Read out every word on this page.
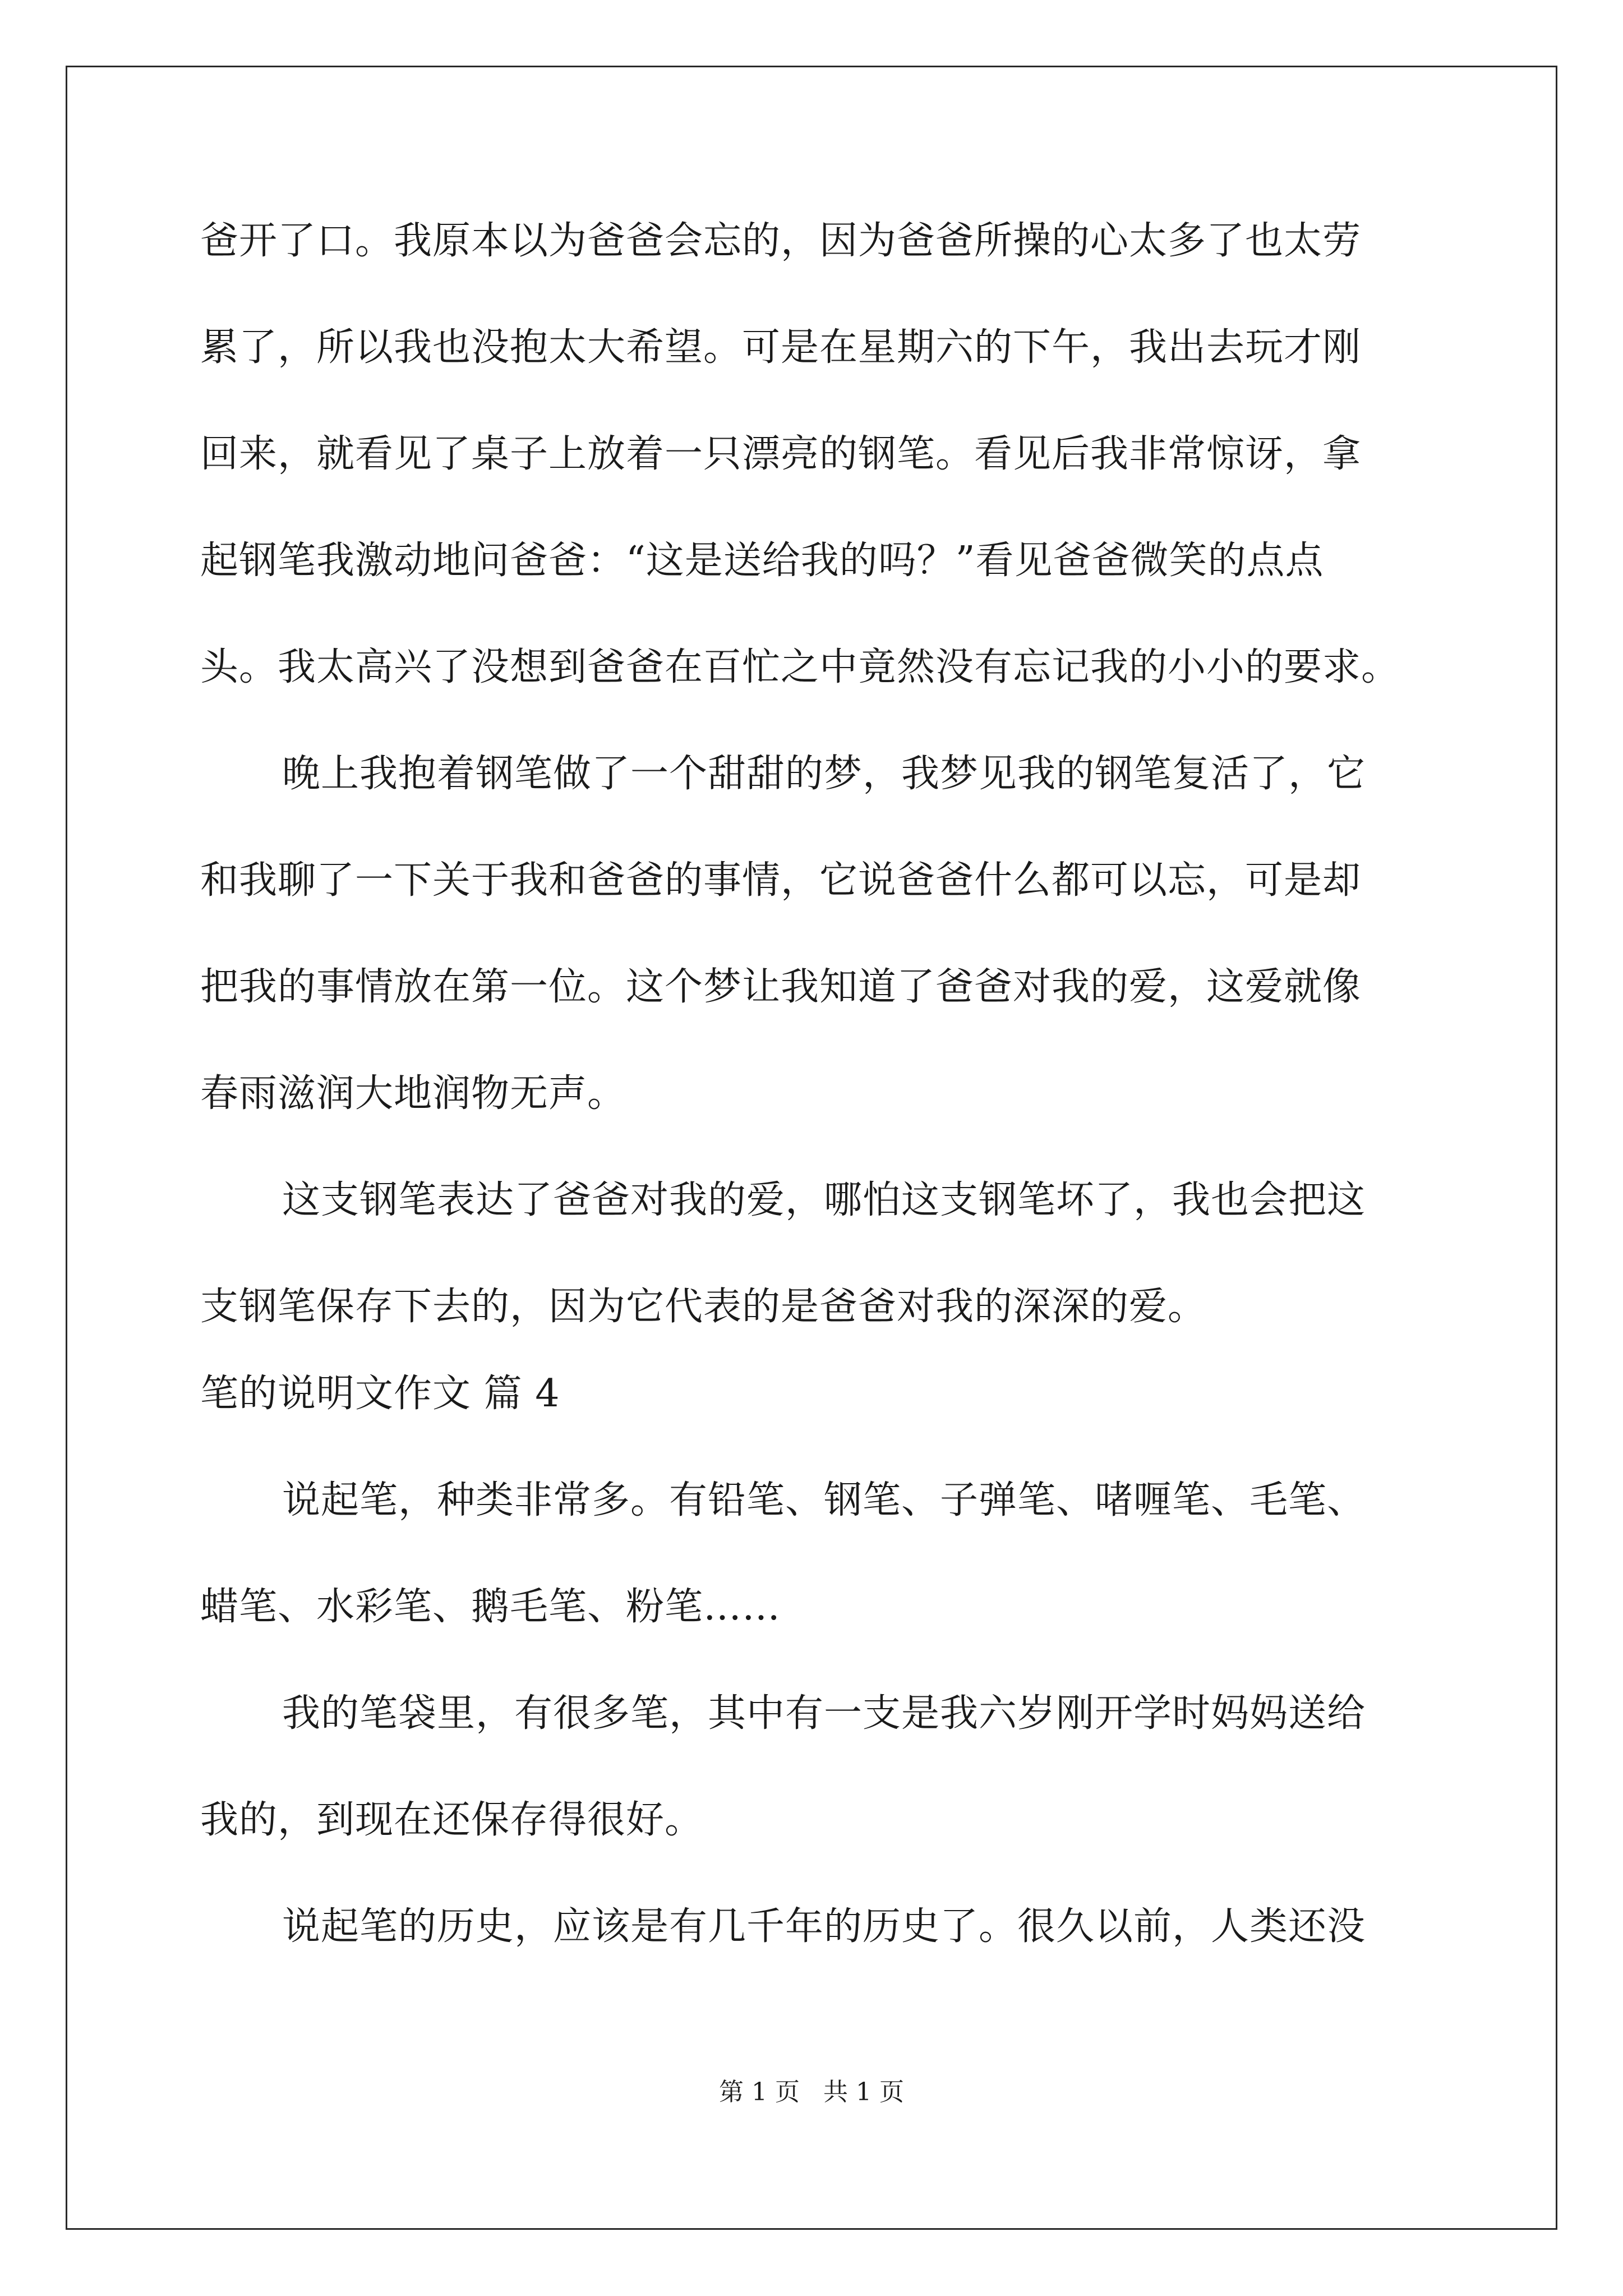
爸开了口。我原本以为爸爸会忘的，因为爸爸所操的心太多了也太劳
累了，所以我也没抱太大希望。可是在星期六的下午，我出去玩才刚
回来，就看见了桌子上放着一只漂亮的钢笔。看见后我非常惊讶，拿
起钢笔我激动地问爸爸：“这是送给我的吗？”看见爸爸微笑的点点
头。我太高兴了没想到爸爸在百忙之中竟然没有忘记我的小小的要求。
晚上我抱着钢笔做了一个甜甜的梦，我梦见我的钢笔复活了，它
和我聊了一下关于我和爸爸的事情，它说爸爸什么都可以忘，可是却
把我的事情放在第一位。这个梦让我知道了爸爸对我的爱，这爱就像
春雨滋润大地润物无声。
这支钢笔表达了爸爸对我的爱，哪怕这支钢笔坏了，我也会把这
支钢笔保存下去的，因为它代表的是爸爸对我的深深的爱。
笔的说明文作文 篇 4
说起笔，种类非常多。有铅笔、钢笔、子弹笔、啫喱笔、毛笔、
蜡笔、水彩笔、鹅毛笔、粉笔……
我的笔袋里，有很多笔，其中有一支是我六岁刚开学时妈妈送给
我的，到现在还保存得很好。
说起笔的历史，应该是有几千年的历史了。很久以前，人类还没
第 1 页   共 1 页
